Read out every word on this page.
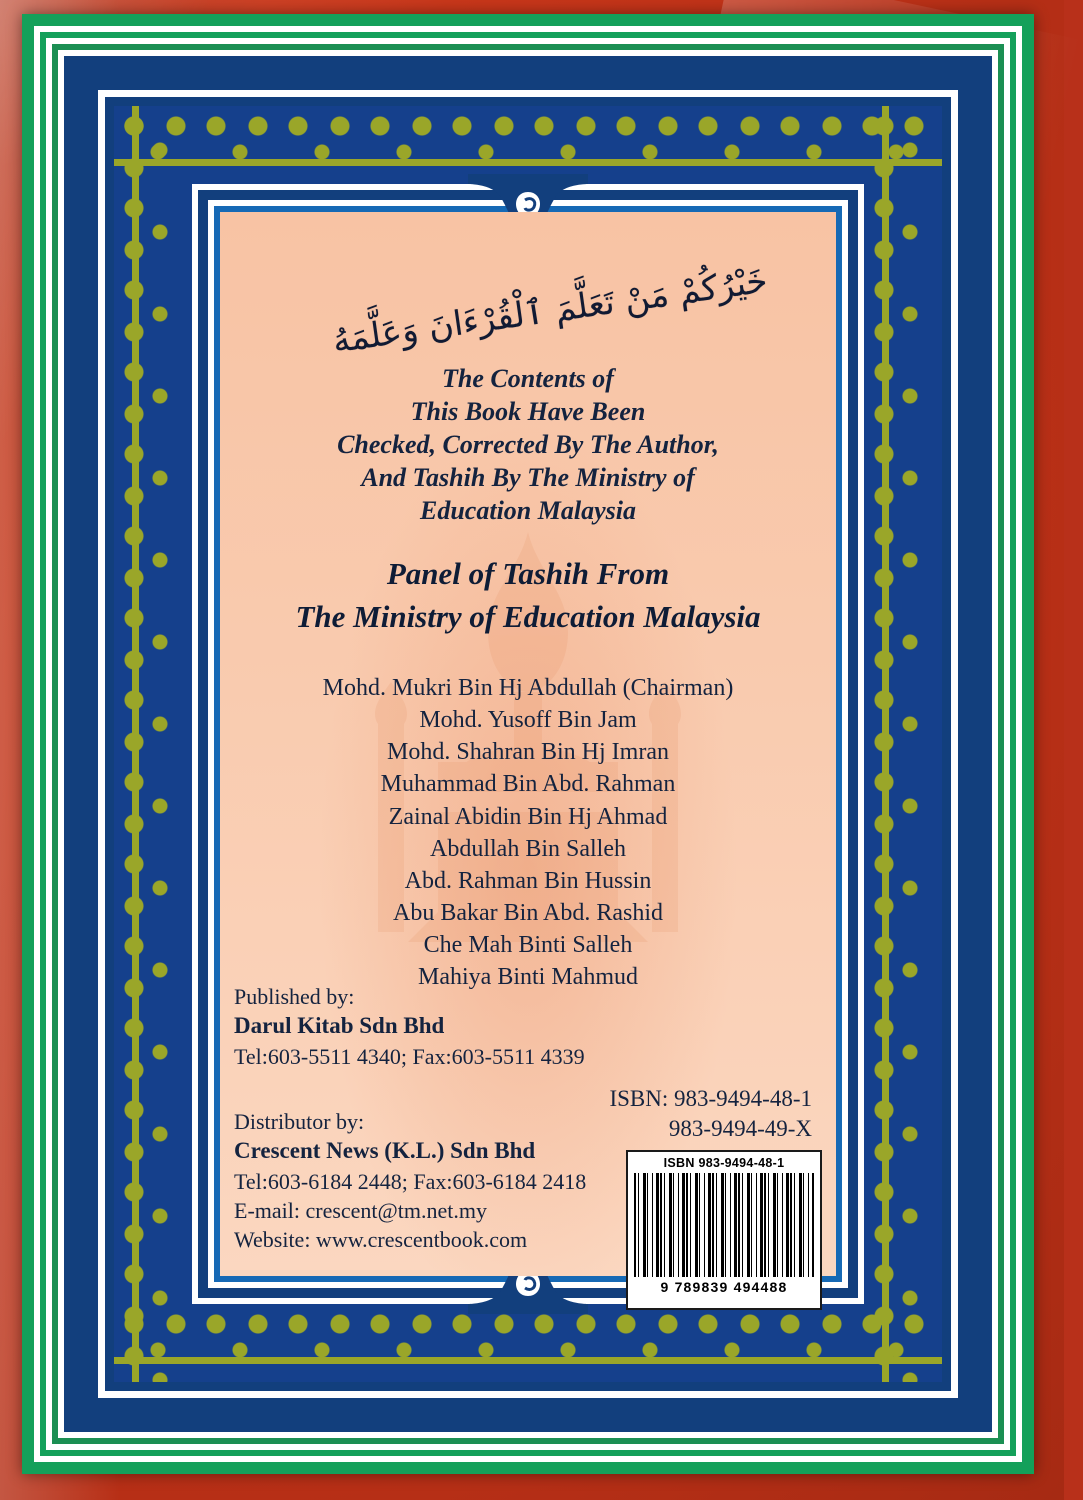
خَيْرُكُمْ مَنْ تَعَلَّمَ ٱلْقُرْءَانَ وَعَلَّمَهُ
The Contents of
This Book Have Been
Checked, Corrected By The Author,
And Tashih By The Ministry of
Education Malaysia
Panel of Tashih From
The Ministry of Education Malaysia
Mohd. Mukri Bin Hj Abdullah (Chairman)
Mohd. Yusoff Bin Jam
Mohd. Shahran Bin Hj Imran
Muhammad Bin Abd. Rahman
Zainal Abidin Bin Hj Ahmad
Abdullah Bin Salleh
Abd. Rahman Bin Hussin
Abu Bakar Bin Abd. Rashid
Che Mah Binti Salleh
Mahiya Binti Mahmud
Published by:
Darul Kitab Sdn Bhd
Tel:603-5511 4340; Fax:603-5511 4339
Distributor by:
Crescent News (K.L.) Sdn Bhd
Tel:603-6184 2448; Fax:603-6184 2418
E-mail: crescent@tm.net.my
Website: www.crescentbook.com
ISBN: 983-9494-48-1
983-9494-49-X
ISBN 983-9494-48-1
9 789839 494488
